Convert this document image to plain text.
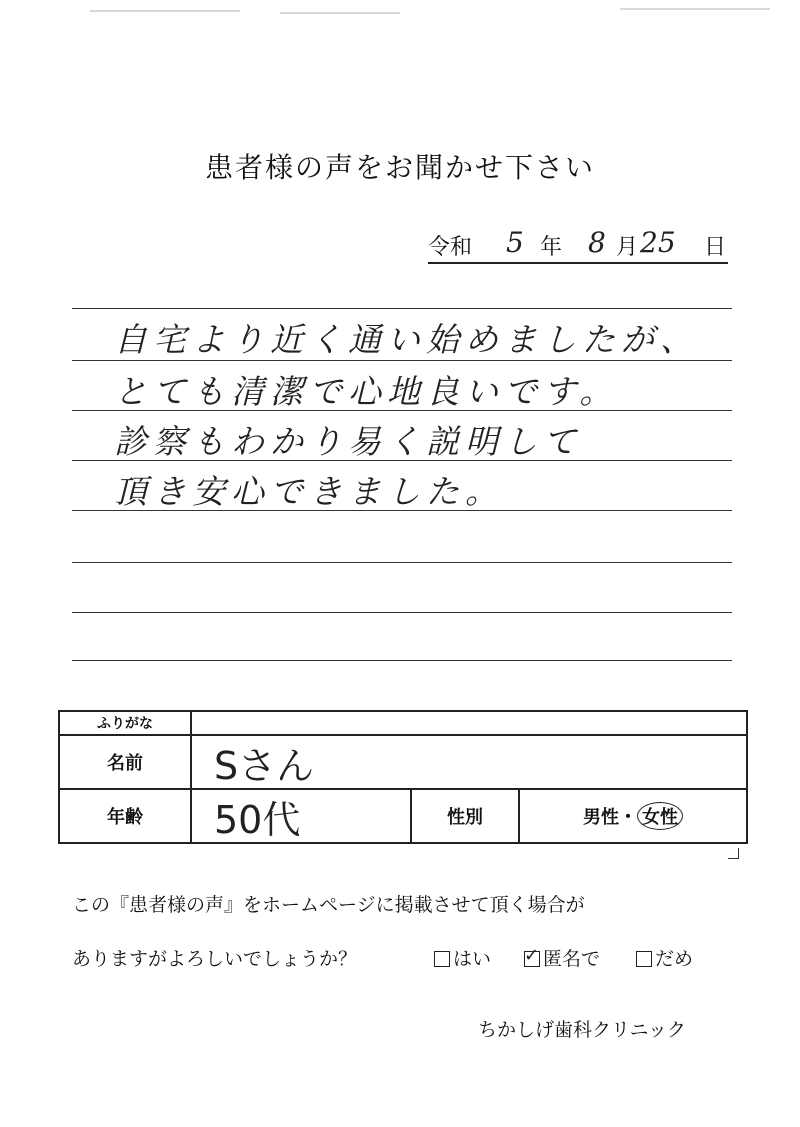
患者様の声をお聞かせ下さい
令和 5 年 8 月 25 日
自宅より近く通い始めましたが、
とても清潔で心地良いです。
診察もわかり易く説明して
頂き安心できました。
ふりがな
名前	Sさん
年齢	50代	性別	男性 ・ 女性
この『患者様の声』をホームページに掲載させて頂く場合が
ありますがよろしいでしょうか？	はい
✓	匿名で	だめ
ちかしげ歯科クリニック
